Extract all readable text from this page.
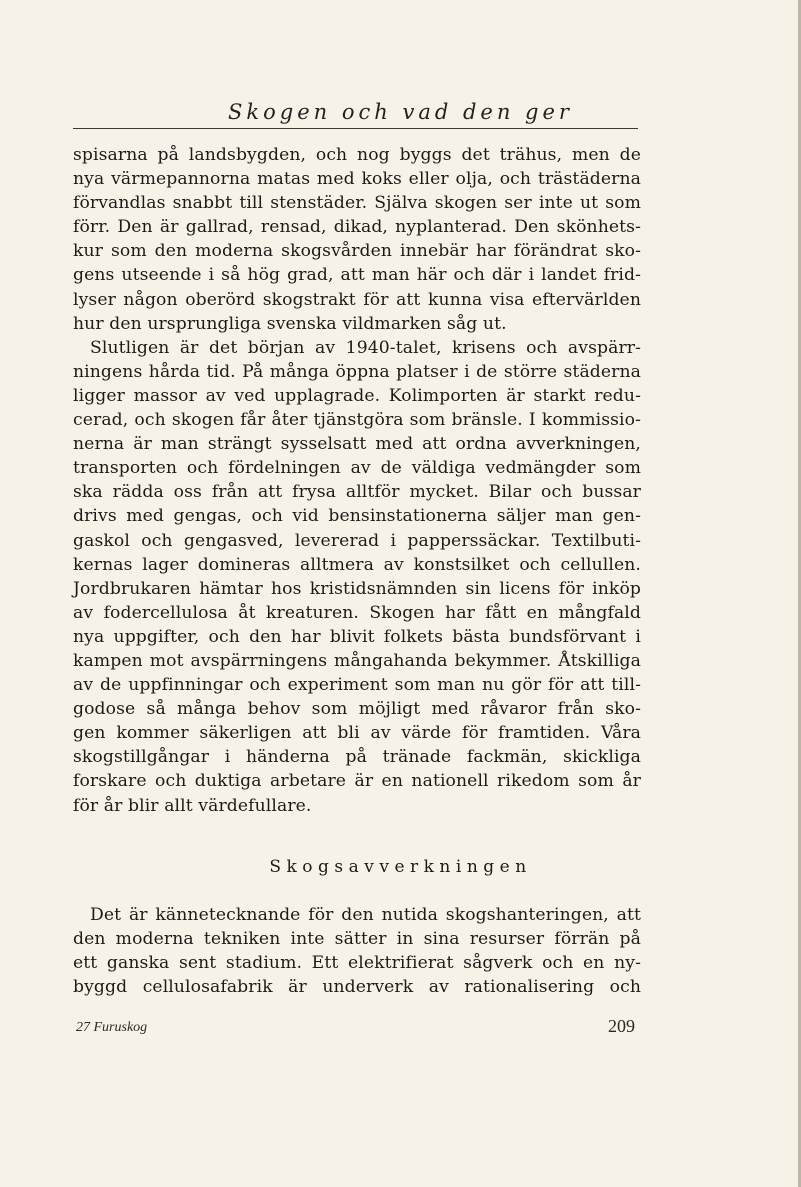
Skogen och vad den ger

spisarna på landsbygden, och nog byggs det trähus, men de

nya värmepannorna matas med koks eller olja, och trästäderna

förvandlas snabbt till stenstäder. Själva skogen ser inte ut som

förr. Den är gallrad, rensad, dikad, nyplanterad. Den skönhets-

kur som den moderna skogsvården innebär har förändrat sko-

gens utseende i så hög grad, att man här och där i landet frid-

lyser någon oberörd skogstrakt för att kunna visa eftervärlden

hur den ursprungliga svenska vildmarken såg ut.

Slutligen är det början av 1940-talet, krisens och avspärr-

ningens hårda tid. På många öppna platser i de större städerna

ligger massor av ved upplagrade. Kolimporten är starkt redu-

cerad, och skogen får åter tjänstgöra som bränsle. I kommissio-

nerna är man strängt sysselsatt med att ordna avverkningen,

transporten och fördelningen av de väldiga vedmängder som

ska rädda oss från att frysa alltför mycket. Bilar och bussar

drivs med gengas, och vid bensinstationerna säljer man gen-

gaskol och gengasved, levererad i papperssäckar. Textilbuti-

kernas lager domineras alltmera av konstsilket och cellullen.

Jordbrukaren hämtar hos kristidsnämnden sin licens för inköp

av fodercellulosa åt kreaturen. Skogen har fått en mångfald

nya uppgifter, och den har blivit folkets bästa bundsförvant i

kampen mot avspärrningens mångahanda bekymmer. Åtskilliga

av de uppfinningar och experiment som man nu gör för att till-

godose så många behov som möjligt med råvaror från sko-

gen kommer säkerligen att bli av värde för framtiden. Våra

skogstillgångar i händerna på tränade fackmän, skickliga

forskare och duktiga arbetare är en nationell rikedom som år

för år blir allt värdefullare.

Skogsavverkningen

Det är kännetecknande för den nutida skogshanteringen, att

den moderna tekniken inte sätter in sina resurser förrän på

ett ganska sent stadium. Ett elektrifierat sågverk och en ny-

byggd cellulosafabrik är underverk av rationalisering och

27 Furuskog	209
